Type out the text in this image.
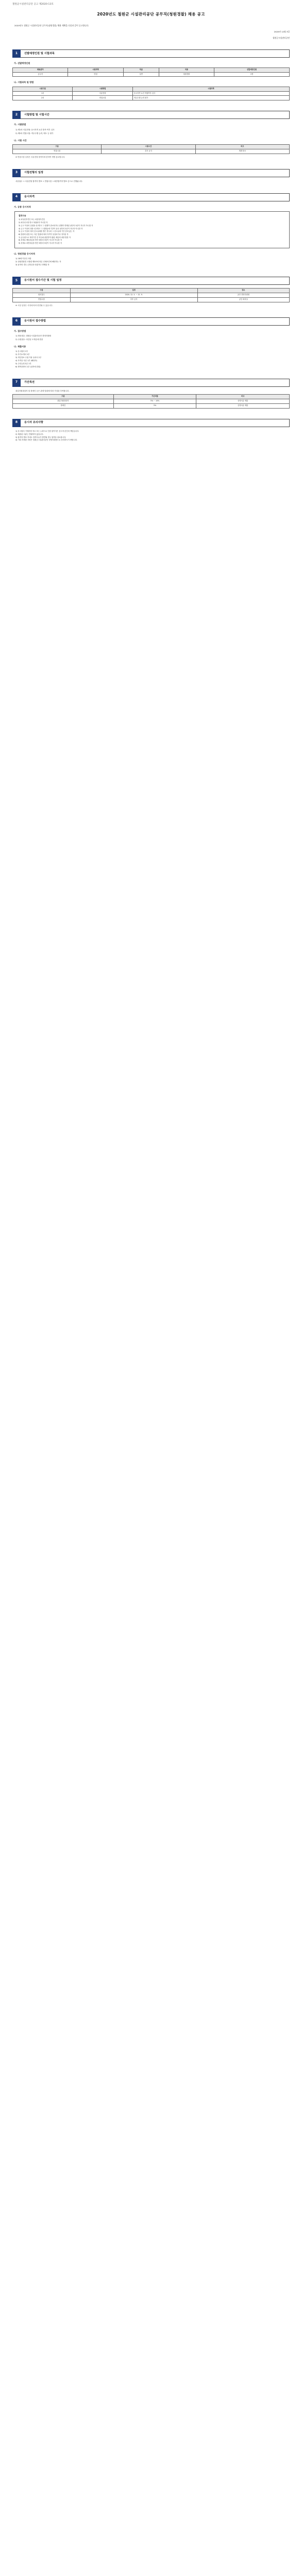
철원군시설관리공단 공고 제2020-13호
2020년도 철원군 시설관리공단 공무직(청원경찰) 채용 공고
2020년도 철원군 시설관리공단 공무직(청원경찰) 채용 계획을 다음과 같이 공고합니다.
2020년 12월 3일
철원군시설관리공단
1	선발예정인원 및 시험과목
가. 선발예정인원
채용분야	시험과목	직급	직종	선발예정인원
공무직	면접	일반	청원경찰	1명
나. 시험과목 및 방법
시험구분	시험방법	시험과목
1차	서류전형	응시자격 요건 적합여부 심사
2차	면접시험	직무수행 능력 평가
2	시험방법 및 시험시간
가. 시험방법
1) 제1차 서류전형: 응시자격 요건 충족 여부 심사
2) 제2차 면접시험: 직무수행 능력, 태도 등 평가
나. 시험 시간
구분	시험시간	비고
면접시험	추후 공지	개별 통보
※ 면접시험 일정은 서류전형 합격자에 한하여 개별 통보합니다.
3	시험전형의 일정
서류접수 → 서류전형 합격자 발표 → 면접시험 → 최종합격자 발표 순으로 진행됩니다.
4	응시자격
가. 공통 응시자격
결격사유
1) 피성년후견인 또는 피한정후견인
2) 파산선고를 받고 복권되지 아니한 자
3) 금고 이상의 실형을 선고받고 그 집행이 종료되거나 집행이 면제된 날부터 5년이 지나지 아니한 자
4) 금고 이상의 형을 선고받고 그 집행유예 기간이 끝난 날부터 2년이 지나지 아니한 자
5) 금고 이상의 형의 선고유예를 받은 경우에 그 선고유예 기간 중에 있는 자
6) 법원의 판결 또는 다른 법률에 따라 자격이 상실되거나 정지된 자
7) 공무원으로 재직기간 중 직무와 관련하여 횡령, 배임의 죄를 범한 자
8) 징계로 해임처분을 받은 때부터 3년이 지나지 아니한 자
9) 징계로 파면처분을 받은 때부터 5년이 지나지 아니한 자
나. 청원경찰 응시자격
1) 18세 이상인 사람
2) 청원경찰법 시행령 제3조에 따른 신체조건에 해당하는 자
3) 남자의 경우 군복무를 마쳤거나 면제된 자
5	응시원서 접수기간 및 시험 일정
구분	일정	장소
원서접수	2020. 12. 3. ~ 12. 9.	공단 경영지원팀
면접시험	추후 공지	공단 회의실
※ 시험 일정은 사정에 따라 변경될 수 있습니다.
6	응시원서 접수방법
가. 접수방법
1) 방문접수: 철원군시설관리공단 경영지원팀
2) 우편접수: 마감일 도착분에 한함
나. 제출서류
1) 응시원서 1부
2) 자기소개서 1부
3) 개인정보 수집 이용 동의서 1부
4) 자격증 사본 1부 (해당자)
5) 주민등록초본 1부
6) 병적증명서 1부 (남자에 한함)
7	가산특전
취업지원대상자 및 장애인 등은 관계 법령에 따라 가점을 부여합니다.
구분	가산비율	비고
취업지원대상자	5% ~ 10%	증빙서류 제출
장애인	5%	증빙서류 제출
8	응시자 유의사항
1) 응시원서 기재사항 착오 또는 누락으로 인한 불이익은 응시자 본인의 책임입니다.
2) 제출된 서류는 반환하지 않습니다.
3) 합격자 발표 후에도 결격사유가 발견될 경우 합격을 취소합니다.
4) 기타 자세한 사항은 철원군시설관리공단 경영지원팀으로 문의하시기 바랍니다.
